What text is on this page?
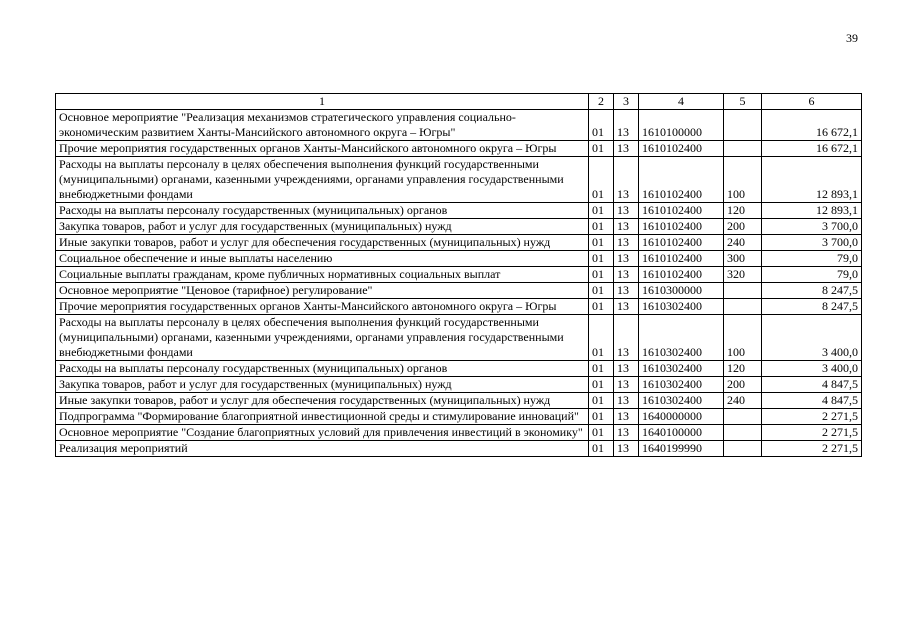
39
1	2	3	4	5	6
Основное мероприятие "Реализация механизмов стратегического управления социально-экономическим развитием Ханты-Мансийского автономного округа – Югры"	01	13	1610100000		16 672,1
Прочие мероприятия государственных органов Ханты-Мансийского автономного округа – Югры	01	13	1610102400		16 672,1
Расходы на выплаты персоналу в целях обеспечения выполнения функций государственными (муниципальными) органами, казенными учреждениями, органами управления государственными внебюджетными фондами	01	13	1610102400	100	12 893,1
Расходы на выплаты персоналу государственных (муниципальных) органов	01	13	1610102400	120	12 893,1
Закупка товаров, работ и услуг для государственных (муниципальных) нужд	01	13	1610102400	200	3 700,0
Иные закупки товаров, работ и услуг для обеспечения государственных (муниципальных) нужд	01	13	1610102400	240	3 700,0
Социальное обеспечение и иные выплаты населению	01	13	1610102400	300	79,0
Социальные выплаты гражданам, кроме публичных нормативных социальных выплат	01	13	1610102400	320	79,0
Основное мероприятие "Ценовое (тарифное) регулирование"	01	13	1610300000		8 247,5
Прочие мероприятия государственных органов Ханты-Мансийского автономного округа – Югры	01	13	1610302400		8 247,5
Расходы на выплаты персоналу в целях обеспечения выполнения функций государственными (муниципальными) органами, казенными учреждениями, органами управления государственными внебюджетными фондами	01	13	1610302400	100	3 400,0
Расходы на выплаты персоналу государственных (муниципальных) органов	01	13	1610302400	120	3 400,0
Закупка товаров, работ и услуг для государственных (муниципальных) нужд	01	13	1610302400	200	4 847,5
Иные закупки товаров, работ и услуг для обеспечения государственных (муниципальных) нужд	01	13	1610302400	240	4 847,5
Подпрограмма "Формирование благоприятной инвестиционной среды и стимулирование инноваций"	01	13	1640000000		2 271,5
Основное мероприятие "Создание благоприятных условий для привлечения инвестиций в экономику"	01	13	1640100000		2 271,5
Реализация мероприятий	01	13	1640199990		2 271,5
